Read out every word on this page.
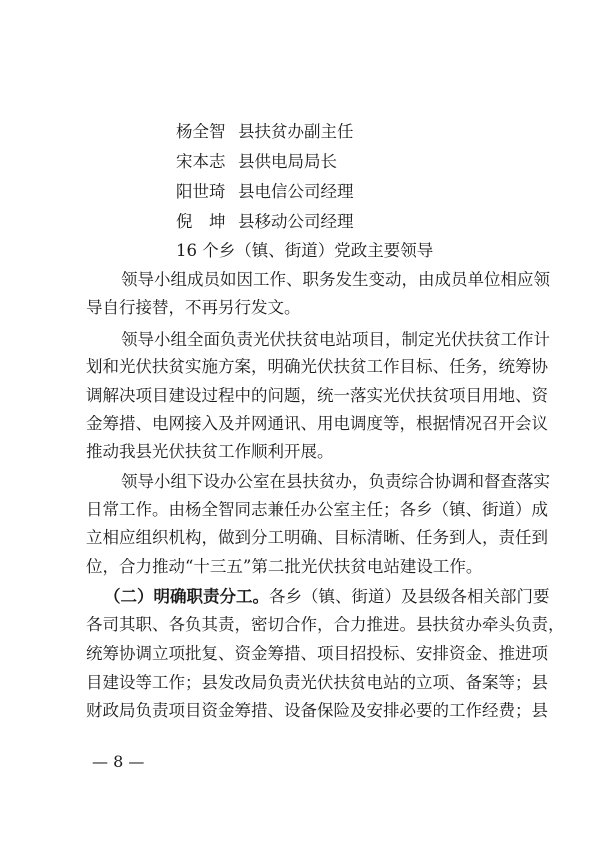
杨全智 县扶贫办副主任

宋本志 县供电局局长

阳世琦 县电信公司经理

倪　坤 县移动公司经理

16 个乡（镇、街道）党政主要领导

领导小组成员如因工作、职务发生变动，由成员单位相应领

导自行接替，不再另行发文。

领导小组全面负责光伏扶贫电站项目，制定光伏扶贫工作计

划和光伏扶贫实施方案，明确光伏扶贫工作目标、任务，统筹协

调解决项目建设过程中的问题，统一落实光伏扶贫项目用地、资

金筹措、电网接入及并网通讯、用电调度等，根据情况召开会议

推动我县光伏扶贫工作顺利开展。

领导小组下设办公室在县扶贫办，负责综合协调和督查落实

日常工作。由杨全智同志兼任办公室主任；各乡（镇、街道）成

立相应组织机构，做到分工明确、目标清晰、任务到人，责任到

位，合力推动“十三五”第二批光伏扶贫电站建设工作。

（二）明确职责分工。各乡（镇、街道）及县级各相关部门要

各司其职、各负其责，密切合作，合力推进。县扶贫办牵头负责，

统筹协调立项批复、资金筹措、项目招投标、安排资金、推进项

目建设等工作；县发改局负责光伏扶贫电站的立项、备案等；县

财政局负责项目资金筹措、设备保险及安排必要的工作经费；县

— 8 —
